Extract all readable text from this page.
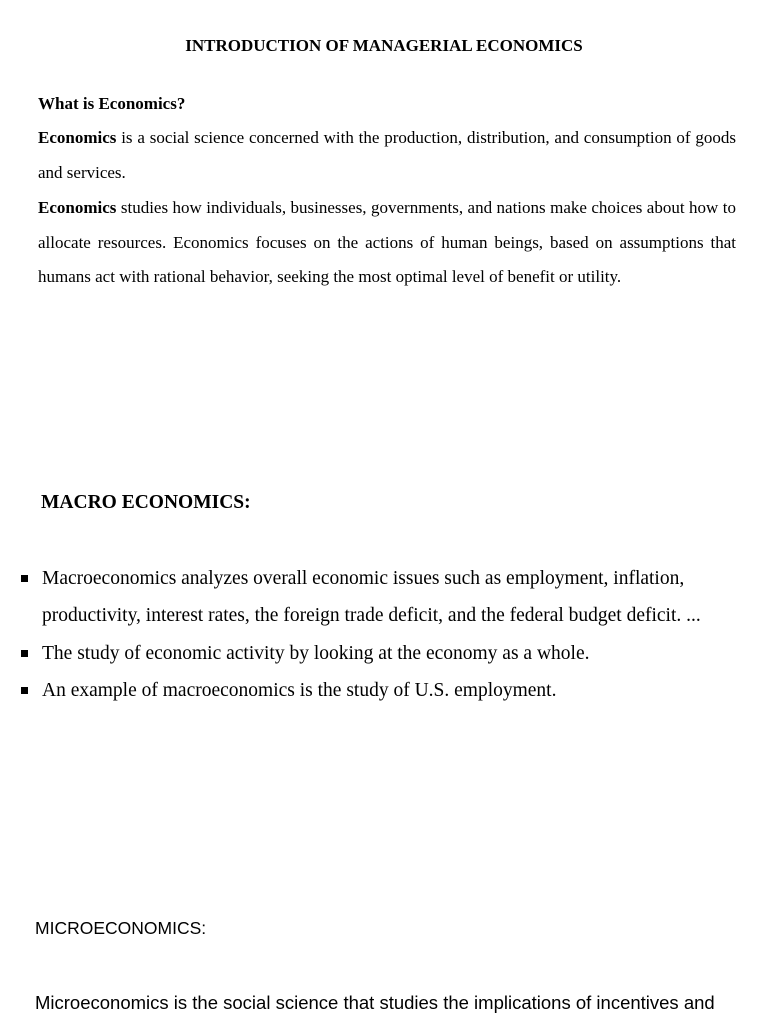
INTRODUCTION OF MANAGERIAL ECONOMICS
What is Economics?

Economics is a social science concerned with the production, distribution, and consumption of goods and services.

Economics studies how individuals, businesses, governments, and nations make choices about how to allocate resources. Economics focuses on the actions of human beings, based on assumptions that humans act with rational behavior, seeking the most optimal level of benefit or utility.

MACRO ECONOMICS:
Macroeconomics analyzes overall economic issues such as employment, inflation, productivity, interest rates, the foreign trade deficit, and the federal budget deficit. ...
The study of economic activity by looking at the economy as a whole.
An example of macroeconomics is the study of U.S. employment.
MICROECONOMICS:

Microeconomics is the social science that studies the implications of incentives and
